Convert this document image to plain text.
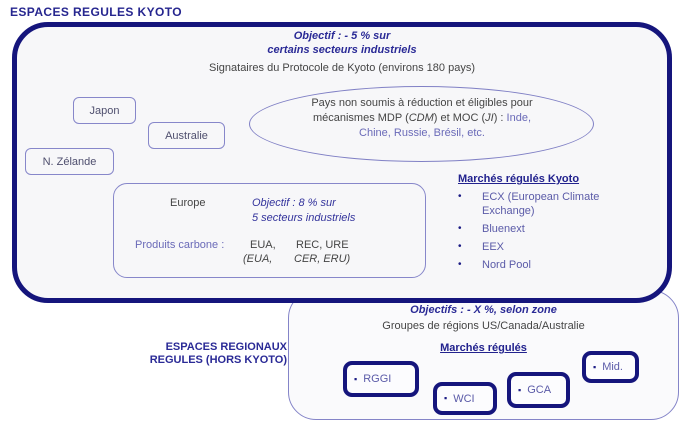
ESPACES REGULES KYOTO
Objectif : - 5 % sur
certains secteurs industriels
Signataires du Protocole de Kyoto (environs 180 pays)
Japon
Australie
N. Zélande
Pays non soumis à réduction et éligibles pour
mécanismes MDP (CDM) et MOC (JI) : Inde,
Chine, Russie, Brésil, etc.
Europe	Objectif : 8 % sur
5 secteurs industriels
Produits carbone : EUA, REC, URE
(EUA, CER, ERU)
Marchés régulés Kyoto
•	ECX (European Climate Exchange)
•	Bluenext
•	EEX
•	Nord Pool
ESPACES REGIONAUX
REGULES (HORS KYOTO)
Objectifs : - X %, selon zone
Groupes de régions US/Canada/Australie
Marchés régulés
▪ RGGI
▪ WCI
▪ GCA
▪ Mid.
